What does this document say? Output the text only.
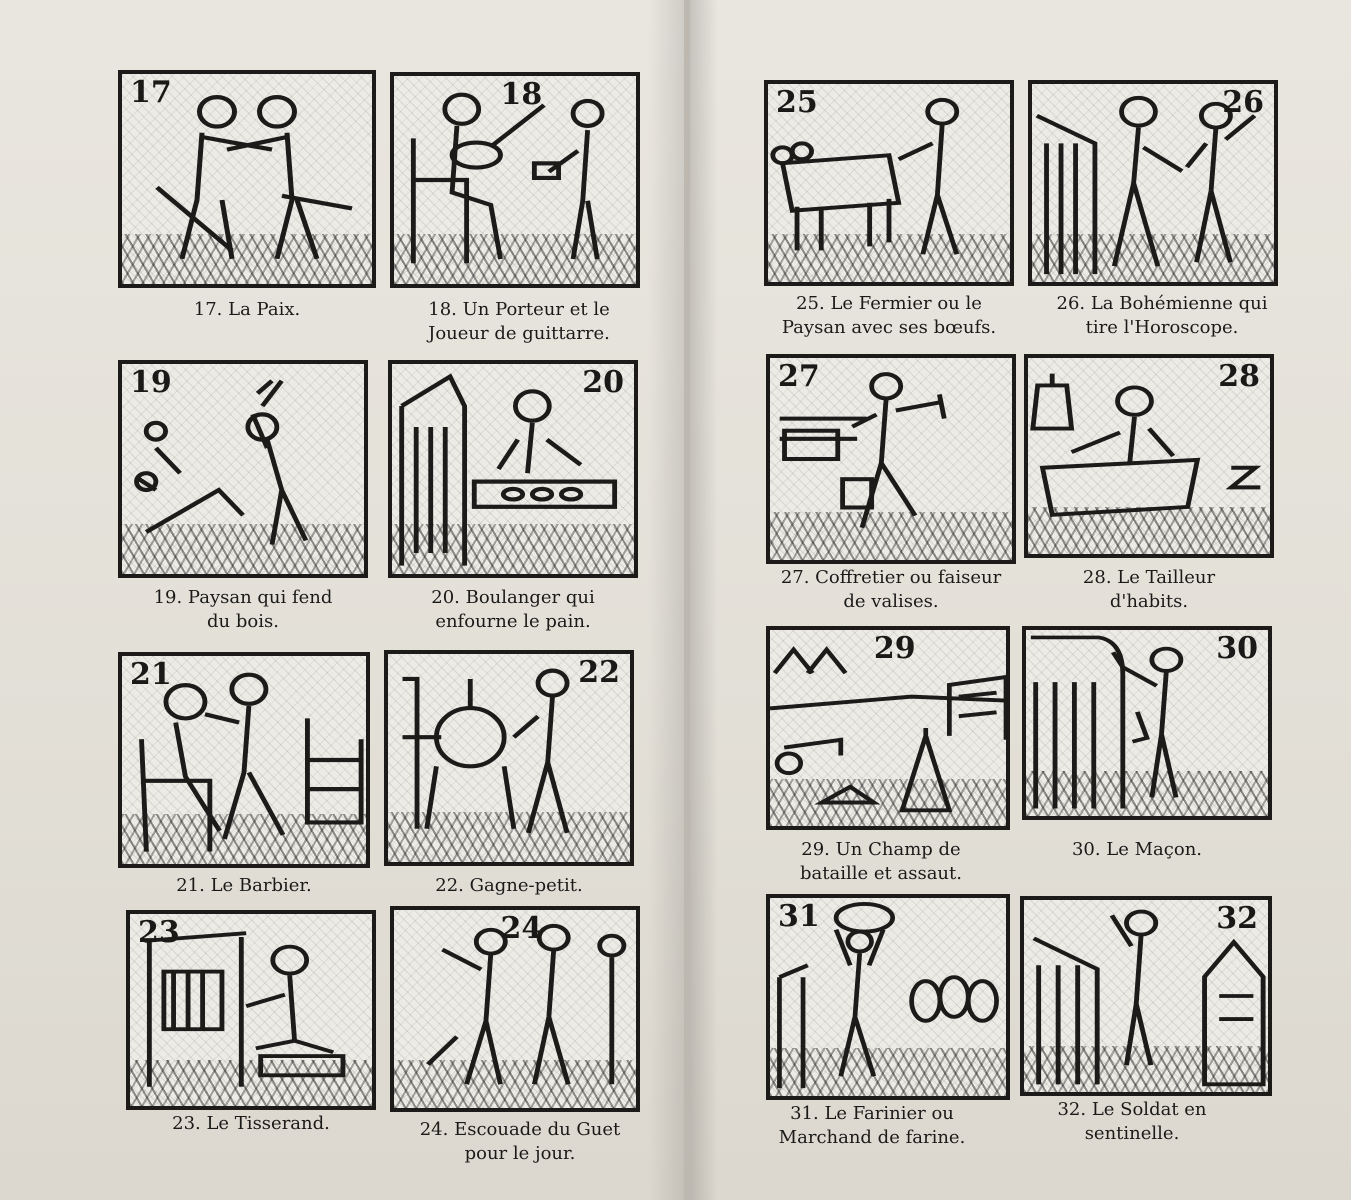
17
17. La Paix.
18
18. Un Porteur et le
Joueur de guittarre.
19
19. Paysan qui fend
du bois.
20
20. Boulanger qui
enfourne le pain.
21
21. Le Barbier.
22
22. Gagne-petit.
23
23. Le Tisserand.
24
24. Escouade du Guet
pour le jour.
25
25. Le Fermier ou le
Paysan avec ses bœufs.
26
26. La Bohémienne qui
tire l'Horoscope.
27
27. Coffretier ou faiseur
de valises.
28
28. Le Tailleur
d'habits.
29
29. Un Champ de
bataille et assaut.
30
30. Le Maçon.
31
31. Le Farinier ou
Marchand de farine.
32
32. Le Soldat en
sentinelle.
